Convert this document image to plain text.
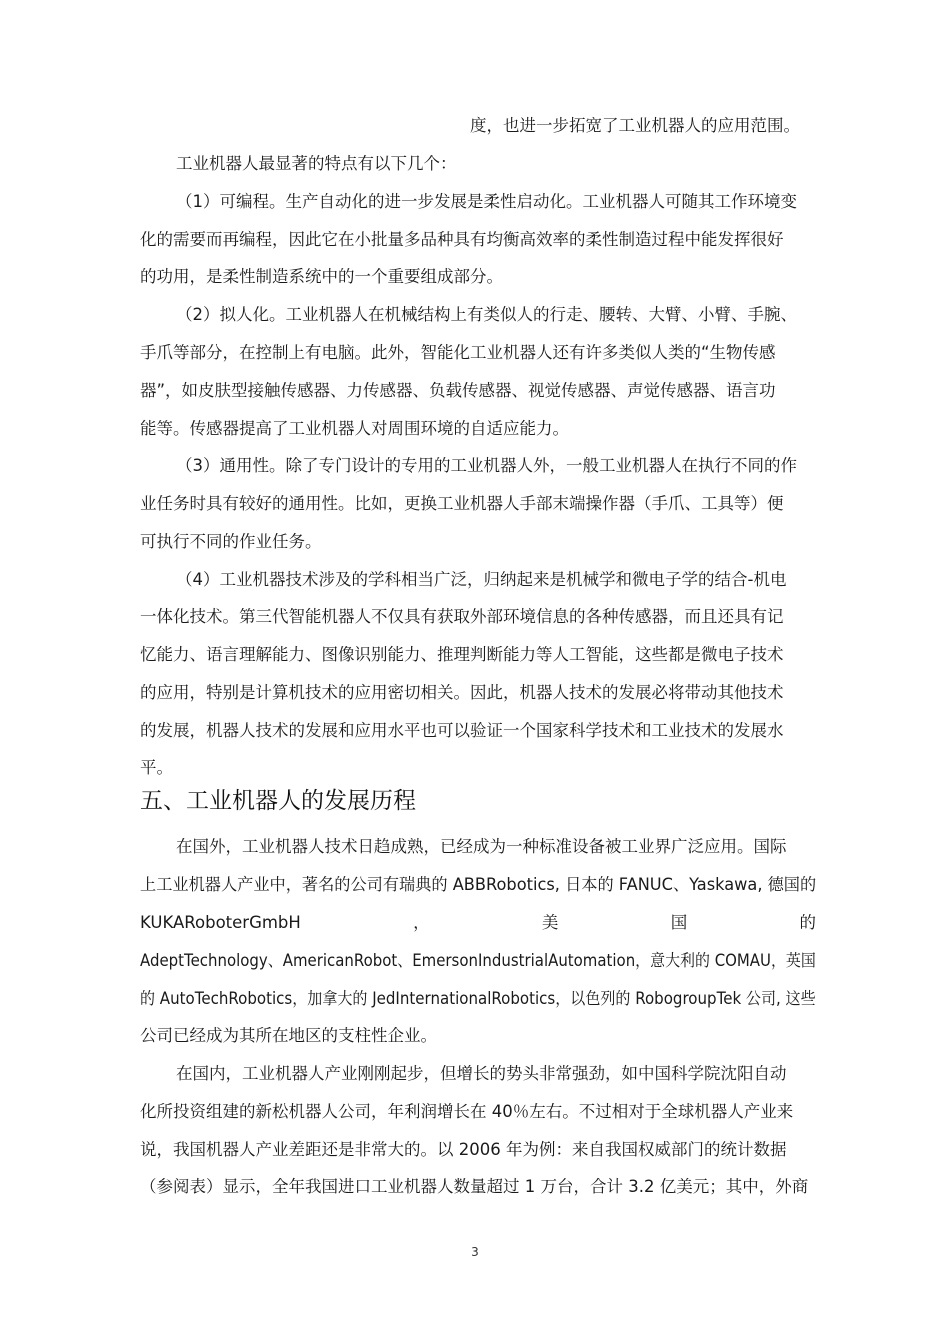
度，也进一步拓宽了工业机器人的应用范围。
工业机器人最显著的特点有以下几个：
（1）可编程。生产自动化的进一步发展是柔性启动化。工业机器人可随其工作环境变
化的需要而再编程，因此它在小批量多品种具有均衡高效率的柔性制造过程中能发挥很好
的功用，是柔性制造系统中的一个重要组成部分。
（2）拟人化。工业机器人在机械结构上有类似人的行走、腰转、大臂、小臂、手腕、
手爪等部分，在控制上有电脑。此外，智能化工业机器人还有许多类似人类的“生物传感
器”，如皮肤型接触传感器、力传感器、负载传感器、视觉传感器、声觉传感器、语言功
能等。传感器提高了工业机器人对周围环境的自适应能力。
（3）通用性。除了专门设计的专用的工业机器人外，一般工业机器人在执行不同的作
业任务时具有较好的通用性。比如，更换工业机器人手部末端操作器（手爪、工具等）便
可执行不同的作业任务。
（4）工业机器技术涉及的学科相当广泛，归纳起来是机械学和微电子学的结合-机电
一体化技术。第三代智能机器人不仅具有获取外部环境信息的各种传感器，而且还具有记
忆能力、语言理解能力、图像识别能力、推理判断能力等人工智能，这些都是微电子技术
的应用，特别是计算机技术的应用密切相关。因此，机器人技术的发展必将带动其他技术
的发展，机器人技术的发展和应用水平也可以验证一个国家科学技术和工业技术的发展水
平。
五、工业机器人的发展历程
在国外，工业机器人技术日趋成熟，已经成为一种标准设备被工业界广泛应用。国际
上工业机器人产业中，著名的公司有瑞典的 ABBRobotics, 日本的 FANUC、Yaskawa, 德国的
KUKARoboterGmbH	，	美	国	的
AdeptTechnology、AmericanRobot、EmersonIndustrialAutomation，意大利的 COMAU，英国
的 AutoTechRobotics，加拿大的 JedInternationalRobotics，以色列的 RobogroupTek 公司, 这些
公司已经成为其所在地区的支柱性企业。
在国内，工业机器人产业刚刚起步，但增长的势头非常强劲，如中国科学院沈阳自动
化所投资组建的新松机器人公司，年利润增长在 40％左右。不过相对于全球机器人产业来
说，我国机器人产业差距还是非常大的。以 2006 年为例：来自我国权威部门的统计数据
（参阅表）显示，全年我国进口工业机器人数量超过 1 万台，合计 3.2 亿美元；其中，外商
3
